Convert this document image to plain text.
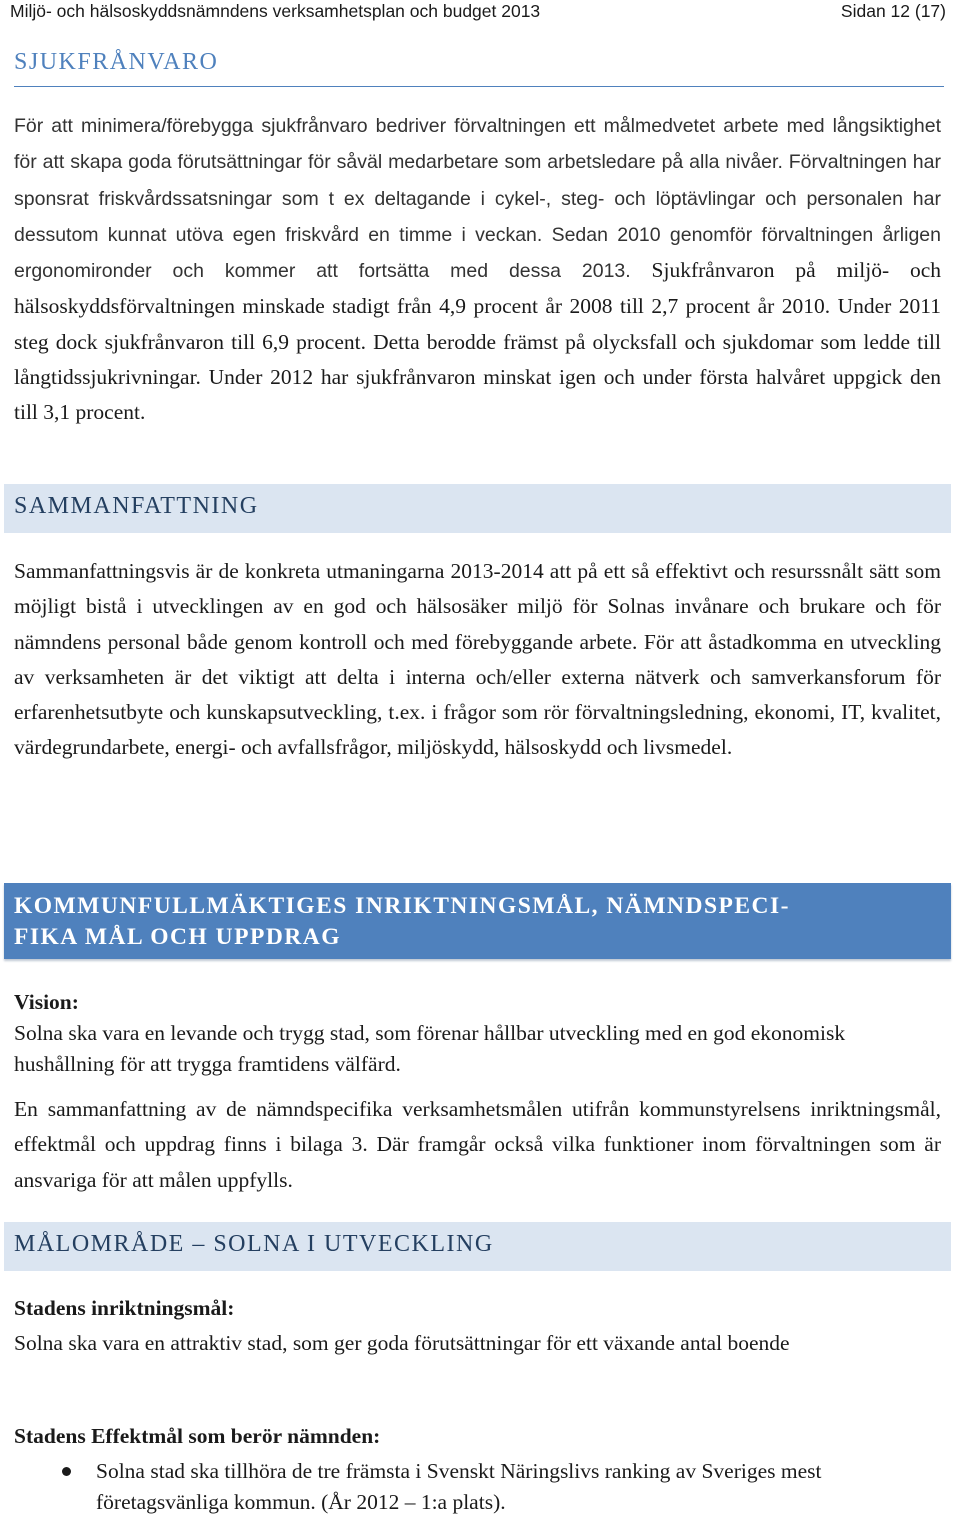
Miljö- och hälsoskyddsnämndens verksamhetsplan och budget 2013	Sidan 12 (17)
SJUKFRÅNVARO
För att minimera/förebygga sjukfrånvaro bedriver förvaltningen ett målmedvetet arbete med långsiktighet för att skapa goda förutsättningar för såväl medarbetare som arbetsledare på alla nivåer. Förvaltningen har sponsrat friskvårdssatsningar som t ex deltagande i cykel-, steg- och löptävlingar och personalen har dessutom kunnat utöva egen friskvård en timme i veckan. Sedan 2010 genomför förvaltningen årligen ergonomironder och kommer att fortsätta med dessa 2013. Sjukfrånvaron på miljö- och hälsoskyddsförvaltningen minskade stadigt från 4,9 procent år 2008 till 2,7 procent år 2010. Under 2011 steg dock sjukfrånvaron till 6,9 procent. Detta berodde främst på olycksfall och sjukdomar som ledde till långtidssjukrivningar. Under 2012 har sjukfrånvaron minskat igen och under första halvåret uppgick den till 3,1 procent.
SAMMANFATTNING
Sammanfattningsvis är de konkreta utmaningarna 2013-2014 att på ett så effektivt och resurssnålt sätt som möjligt bistå i utvecklingen av en god och hälsosäker miljö för Solnas invånare och brukare och för nämndens personal både genom kontroll och med förebyggande arbete. För att åstadkomma en utveckling av verksamheten är det viktigt att delta i interna och/eller externa nätverk och samverkansforum för erfarenhetsutbyte och kunskapsutveckling, t.ex. i frågor som rör förvaltningsledning, ekonomi, IT, kvalitet, värdegrundarbete, energi- och avfallsfrågor, miljöskydd, hälsoskydd och livsmedel.
KOMMUNFULLMÄKTIGES INRIKTNINGSMÅL, NÄMNDSPECI-
FIKA MÅL OCH UPPDRAG
Vision:
Solna ska vara en levande och trygg stad, som förenar hållbar utveckling med en god ekonomisk hushållning för att trygga framtidens välfärd.
En sammanfattning av de nämndspecifika verksamhetsmålen utifrån kommunstyrelsens inriktningsmål, effektmål och uppdrag finns i bilaga 3. Där framgår också vilka funktioner inom förvaltningen som är ansvariga för att målen uppfylls.
MÅLOMRÅDE – SOLNA I UTVECKLING
Stadens inriktningsmål:
Solna ska vara en attraktiv stad, som ger goda förutsättningar för ett växande antal boende
Stadens Effektmål som berör nämnden:
Solna stad ska tillhöra de tre främsta i Svenskt Näringslivs ranking av Sveriges mest företagsvänliga kommun. (År 2012 – 1:a plats).
